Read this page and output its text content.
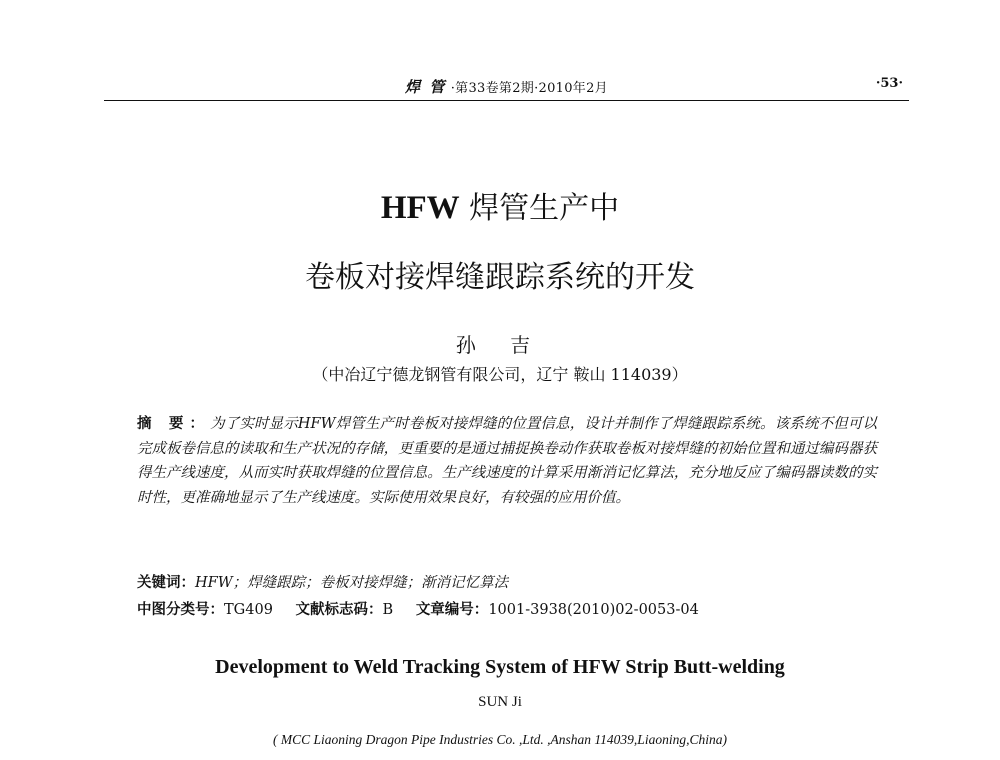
焊 管 ·第33卷第2期·2010年2月	·53·
HFW 焊管生产中
卷板对接焊缝跟踪系统的开发
孙 吉
（中冶辽宁德龙钢管有限公司，辽宁 鞍山 114039）
摘 要：为了实时显示HFW焊管生产时卷板对接焊缝的位置信息，设计并制作了焊缝跟踪系统。该系统不但可以完成板卷信息的读取和生产状况的存储，更重要的是通过捕捉换卷动作获取卷板对接焊缝的初始位置和通过编码器获得生产线速度，从而实时获取焊缝的位置信息。生产线速度的计算采用渐消记忆算法，充分地反应了编码器读数的实时性，更准确地显示了生产线速度。实际使用效果良好，有较强的应用价值。
关键词：HFW；焊缝跟踪；卷板对接焊缝；渐消记忆算法
中图分类号：TG409 文献标志码：B 文章编号：1001-3938(2010)02-0053-04
Development to Weld Tracking System of HFW Strip Butt-welding
SUN Ji
( MCC Liaoning Dragon Pipe Industries Co. ,Ltd. ,Anshan 114039,Liaoning,China)
